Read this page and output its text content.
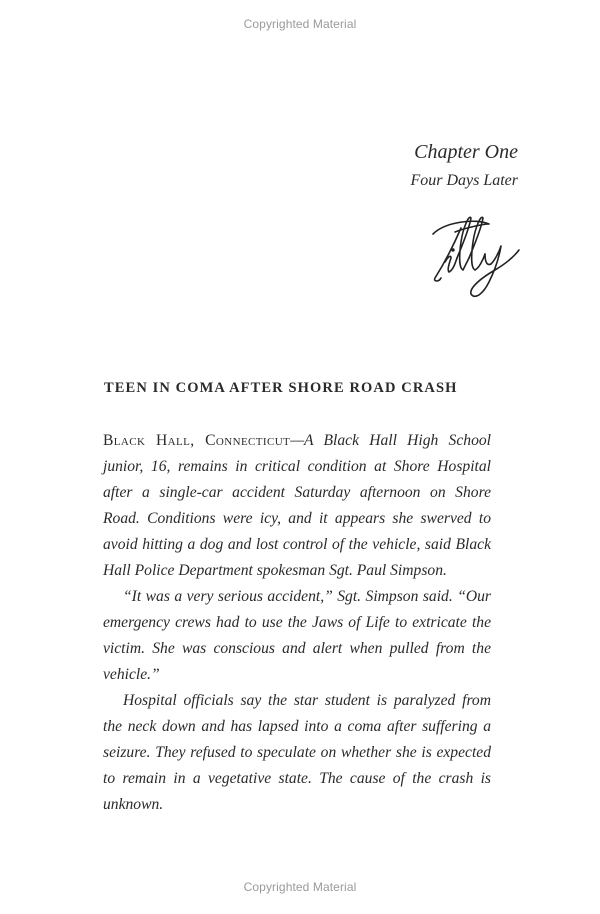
Copyrighted Material
Chapter One
Four Days Later
TEEN IN COMA AFTER SHORE ROAD CRASH

Black Hall, Connecticut—A Black Hall High School junior, 16, remains in critical condition at Shore Hospital after a single-car accident Saturday afternoon on Shore Road. Conditions were icy, and it appears she swerved to avoid hitting a dog and lost control of the vehicle, said Black Hall Police Department spokesman Sgt. Paul Simpson.

“It was a very serious accident,” Sgt. Simpson said. “Our emergency crews had to use the Jaws of Life to extricate the victim. She was conscious and alert when pulled from the vehicle.”

Hospital officials say the star student is paralyzed from the neck down and has lapsed into a coma after suffering a seizure. They refused to speculate on whether she is expected to remain in a vegetative state. The cause of the crash is unknown.

Copyrighted Material
